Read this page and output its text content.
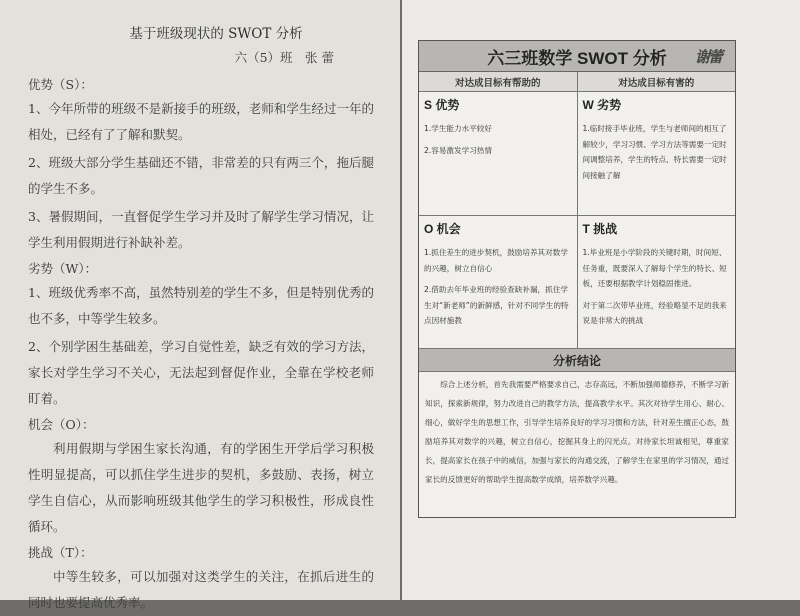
基于班级现状的 SWOT 分析
六（5）班　张 蕾

优势（S）：

1、今年所带的班级不是新接手的班级，老师和学生经过一年的相处，已经有了了解和默契。

2、班级大部分学生基础还不错，非常差的只有两三个，拖后腿的学生不多。

3、暑假期间，一直督促学生学习并及时了解学生学习情况，让学生利用假期进行补缺补差。

劣势（W）：

1、班级优秀率不高，虽然特别差的学生不多，但是特别优秀的也不多，中等学生较多。

2、个别学困生基础差，学习自觉性差，缺乏有效的学习方法，家长对学生学习不关心，无法起到督促作业，全靠在学校老师盯着。

机会（O）：

利用假期与学困生家长沟通，有的学困生开学后学习积极性明显提高，可以抓住学生进步的契机，多鼓励、表扬，树立学生自信心，从而影响班级其他学生的学习积极性，形成良性循环。

挑战（T）：

中等生较多，可以加强对这类学生的关注，在抓后进生的同时也要提高优秀率。

六三班数学 SWOT 分析 谢蕾
对达成目标有帮助的	对达成目标有害的
S 优势

1.学生能力水平较好

2.容易激发学习热情

W 劣势

1.临时接手毕业班，学生与老师间的相互了解较少，学习习惯、学习方法等需要一定时间调整培养，学生的特点、特长需要一定时间接触了解

O 机会

1.抓住差生的进步契机，鼓励培养其对数学的兴趣，树立自信心

2.借助去年毕业班的经验查缺补漏，抓住学生对“新老师”的新鲜感，针对不同学生的特点因材施教

T 挑战

1.毕业班是小学阶段的关键时期，时间短、任务重，既要深入了解每个学生的特长、短板，还要根据教学计划稳固推进。

对于第二次带毕业班，经验略显不足的我来说是非常大的挑战

分析结论

综合上述分析，首先我需要严格要求自己，志存高远，不断加强师德修养，不断学习新知识，探索新规律，努力改进自己的教学方法，提高教学水平。其次对待学生用心、耐心、细心，做好学生的思想工作，引导学生培养良好的学习习惯和方法，针对差生擅正心态，鼓励培养其对数学的兴趣，树立自信心，挖掘其身上的闪光点。对待家长坦诚相见，尊重家长，提高家长在孩子中的威信，加强与家长的沟通交流，了解学生在家里的学习情况，通过家长的反馈更好的帮助学生提高数学成绩，培养数学兴趣。
